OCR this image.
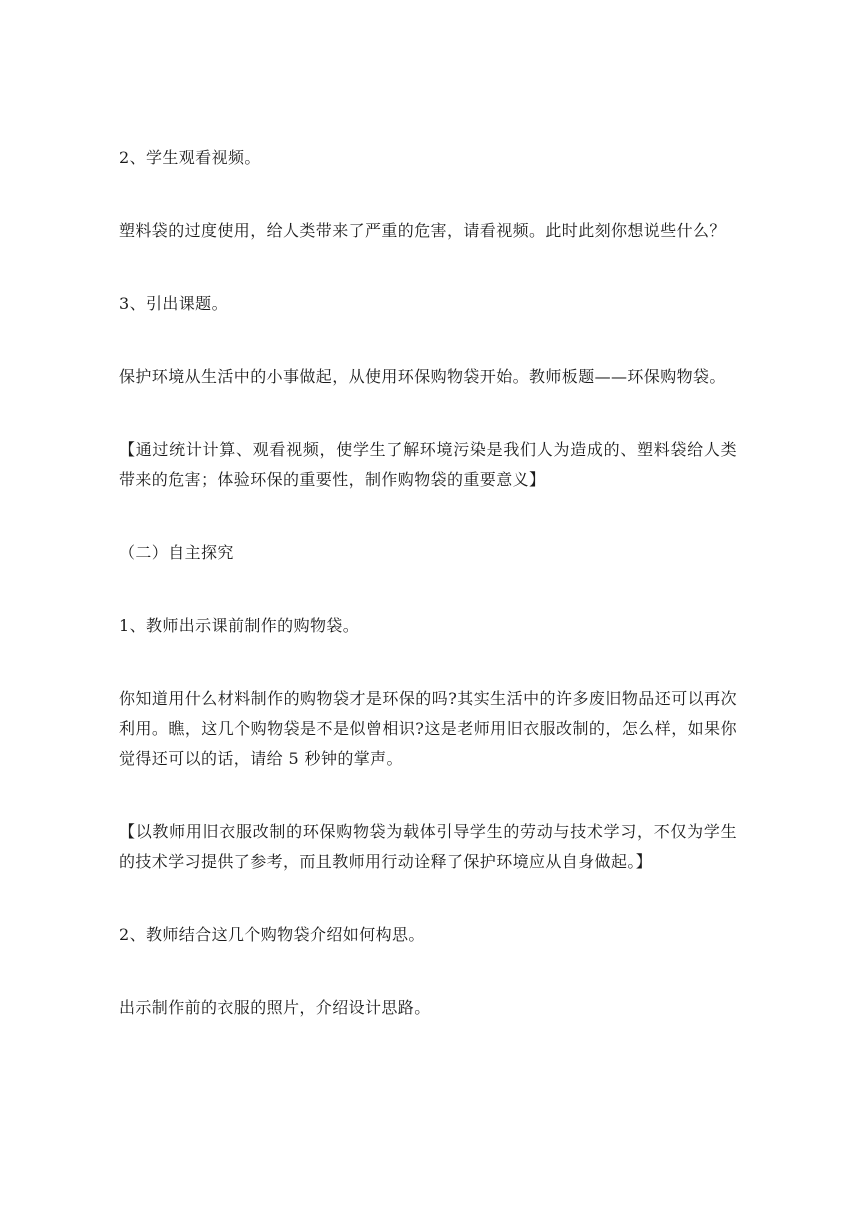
2、学生观看视频。

塑料袋的过度使用，给人类带来了严重的危害，请看视频。此时此刻你想说些什么？

3、引出课题。

保护环境从生活中的小事做起，从使用环保购物袋开始。教师板题——环保购物袋。

【通过统计计算、观看视频，使学生了解环境污染是我们人为造成的、塑料袋给人类带来的危害；体验环保的重要性，制作购物袋的重要意义】

（二）自主探究

1、教师出示课前制作的购物袋。

你知道用什么材料制作的购物袋才是环保的吗?其实生活中的许多废旧物品还可以再次利用。瞧，这几个购物袋是不是似曾相识?这是老师用旧衣服改制的，怎么样，如果你觉得还可以的话，请给 5 秒钟的掌声。

【以教师用旧衣服改制的环保购物袋为载体引导学生的劳动与技术学习，不仅为学生的技术学习提供了参考，而且教师用行动诠释了保护环境应从自身做起。】

2、教师结合这几个购物袋介绍如何构思。

出示制作前的衣服的照片，介绍设计思路。
